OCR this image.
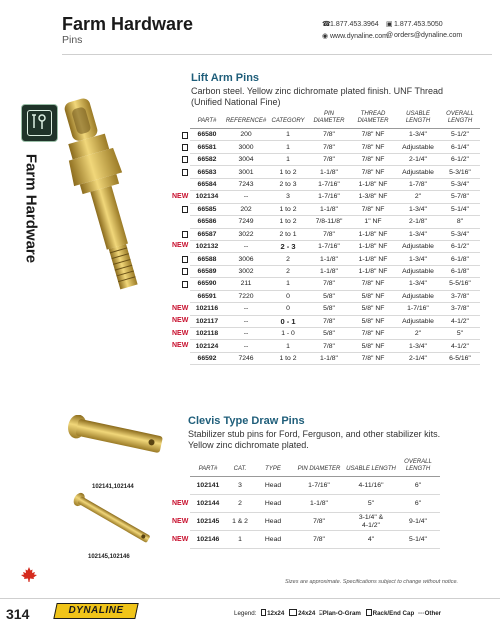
Farm Hardware
Pins
☎1.877.453.3964 ▣1.877.453.5050
◉ www.dynaline.com
@orders@dynaline.com
Farm Hardware
Lift Arm Pins
Carbon steel. Yellow zinc dichromate plated finish. UNF Thread (Unified National Fine)
PART#	REFERENCE#	CATEGORY	PIN DIAMETER	THREAD DIAMETER	USABLE LENGTH	OVERALL LENGTH
66580	200	1	7/8"	7/8" NF	1-3/4"	5-1/2"
66581	3000	1	7/8"	7/8" NF	Adjustable	6-1/4"
66582	3004	1	7/8"	7/8" NF	2-1/4"	6-1/2"
66583	3001	1 to 2	1-1/8"	7/8" NF	Adjustable	5-3/16"
66584	7243	2 to 3	1-7/16"	1-1/8" NF	1-7/8"	5-3/4"
102134	--	3	1-7/16"	1-3/8" NF	2"	5-7/8"
66585	202	1 to 2	1-1/8"	7/8" NF	1-3/4"	5-1/4"
66586	7249	1 to 2	7/8-11/8"	1" NF	2-1/8"	8"
66587	3022	2 to 1	7/8"	1-1/8" NF	1-3/4"	5-3/4"
102132	--	2 - 3	1-7/16"	1-1/8" NF	Adjustable	6-1/2"
66588	3006	2	1-1/8"	1-1/8" NF	1-3/4"	6-1/8"
66589	3002	2	1-1/8"	1-1/8" NF	Adjustable	6-1/8"
66590	211	1	7/8"	7/8" NF	1-3/4"	5-5/16"
66591	7220	0	5/8"	5/8" NF	Adjustable	3-7/8"
102116	--	0	5/8"	5/8" NF	1-7/16"	3-7/8"
102117	--	0 - 1	7/8"	5/8" NF	Adjustable	4-1/2"
102118	--	1 - 0	5/8"	7/8" NF	2"	5"
102124	--	1	7/8"	5/8" NF	1-3/4"	4-1/2"
66592	7246	1 to 2	1-1/8"	7/8" NF	2-1/4"	6-5/16"
NEW
NEW
NEW
NEW
NEW
NEW
102141,102144
102145,102146
Clevis Type Draw Pins
Stabilizer stub pins for Ford, Ferguson, and other stabilizer kits. Yellow zinc dichromate plated.
PART#	CAT.	TYPE	PIN DIAMETER	USABLE LENGTH	OVERALL LENGTH
102141	3	Head	1-7/16"	4-11/16"	6"
102144	2	Head	1-1/8"	5"	6"
102145	1 & 2	Head	7/8"	3-1/4" &
4-1/2"	9-1/4"
102146	1	Head	7/8"	4"	5-1/4"
NEW
NEW
NEW
Sizes are approximate. Specifications subject to change without notice.
314	DYNALINE	Legend: 12x24 24x24 ⌺Plan-O-Gram Rack/End Cap ◦◦◦Other
